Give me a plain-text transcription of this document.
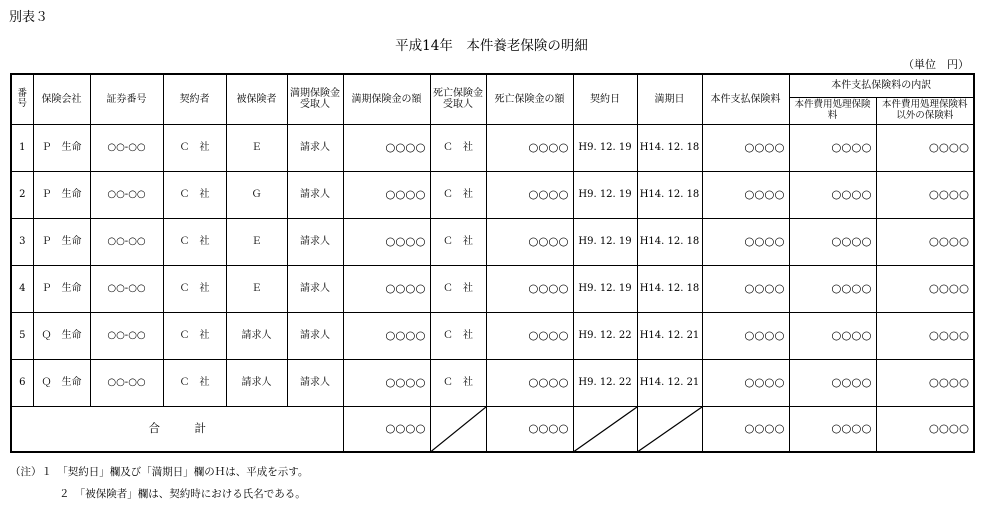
別表３
平成14年　本件養老保険の明細
（単位　円）
番号	保険会社	証券番号	契約者	被保険者	満期保険金受取人	満期保険金の額	死亡保険金受取人	死亡保険金の額	契約日	満期日	本件支払保険料	本件支払保険料の内訳	
												本件費用処理保険料	本件費用処理保険料以外の保険料
1	Ｐ　生命	○○-○○	Ｃ　社	Ｅ	請求人	○○○○	Ｃ　社	○○○○	H9. 12. 19	H14. 12. 18	○○○○	○○○○	○○○○
2	Ｐ　生命	○○-○○	Ｃ　社	Ｇ	請求人	○○○○	Ｃ　社	○○○○	H9. 12. 19	H14. 12. 18	○○○○	○○○○	○○○○
3	Ｐ　生命	○○-○○	Ｃ　社	Ｅ	請求人	○○○○	Ｃ　社	○○○○	H9. 12. 19	H14. 12. 18	○○○○	○○○○	○○○○
4	Ｐ　生命	○○-○○	Ｃ　社	Ｅ	請求人	○○○○	Ｃ　社	○○○○	H9. 12. 19	H14. 12. 18	○○○○	○○○○	○○○○
5	Ｑ　生命	○○-○○	Ｃ　社	請求人	請求人	○○○○	Ｃ　社	○○○○	H9. 12. 22	H14. 12. 21	○○○○	○○○○	○○○○
6	Ｑ　生命	○○-○○	Ｃ　社	請求人	請求人	○○○○	Ｃ　社	○○○○	H9. 12. 22	H14. 12. 21	○○○○	○○○○	○○○○
合　　　計						○○○○		○○○○			○○○○	○○○○	○○○○
（注）１　「契約日」欄及び「満期日」欄のＨは、平成を示す。
２　「被保険者」欄は、契約時における氏名である。
